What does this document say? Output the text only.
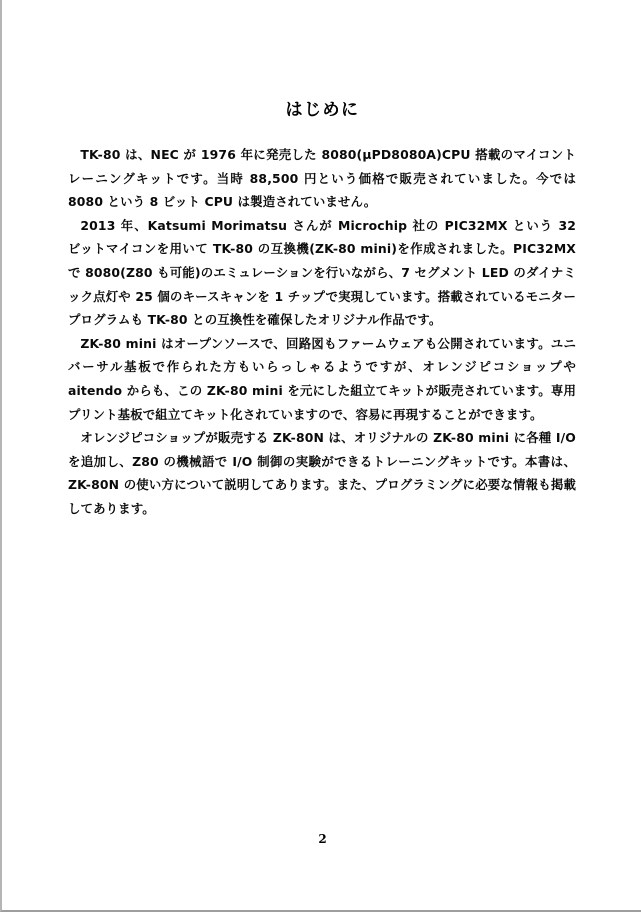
はじめに

TK-80 は、NEC が 1976 年に発売した 8080(μPD8080A)CPU 搭載のマイコントレーニングキットです。当時 88,500 円という価格で販売されていました。今では 8080 という 8 ビット CPU は製造されていません。

2013 年、Katsumi Morimatsu さんが Microchip 社の PIC32MX という 32 ビットマイコンを用いて TK-80 の互換機(ZK-80 mini)を作成されました。PIC32MX で 8080(Z80 も可能)のエミュレーションを行いながら、7 セグメント LED のダイナミック点灯や 25 個のキースキャンを 1 チップで実現しています。搭載されているモニタープログラムも TK-80 との互換性を確保したオリジナル作品です。

ZK-80 mini はオープンソースで、回路図もファームウェアも公開されています。ユニバーサル基板で作られた方もいらっしゃるようですが、オレンジピコショップや aitendo からも、この ZK-80 mini を元にした組立てキットが販売されています。専用プリント基板で組立てキット化されていますので、容易に再現することができます。

オレンジピコショップが販売する ZK-80N は、オリジナルの ZK-80 mini に各種 I/O を追加し、Z80 の機械語で I/O 制御の実験ができるトレーニングキットです。本書は、ZK-80N の使い方について説明してあります。また、プログラミングに必要な情報も掲載してあります。

2
